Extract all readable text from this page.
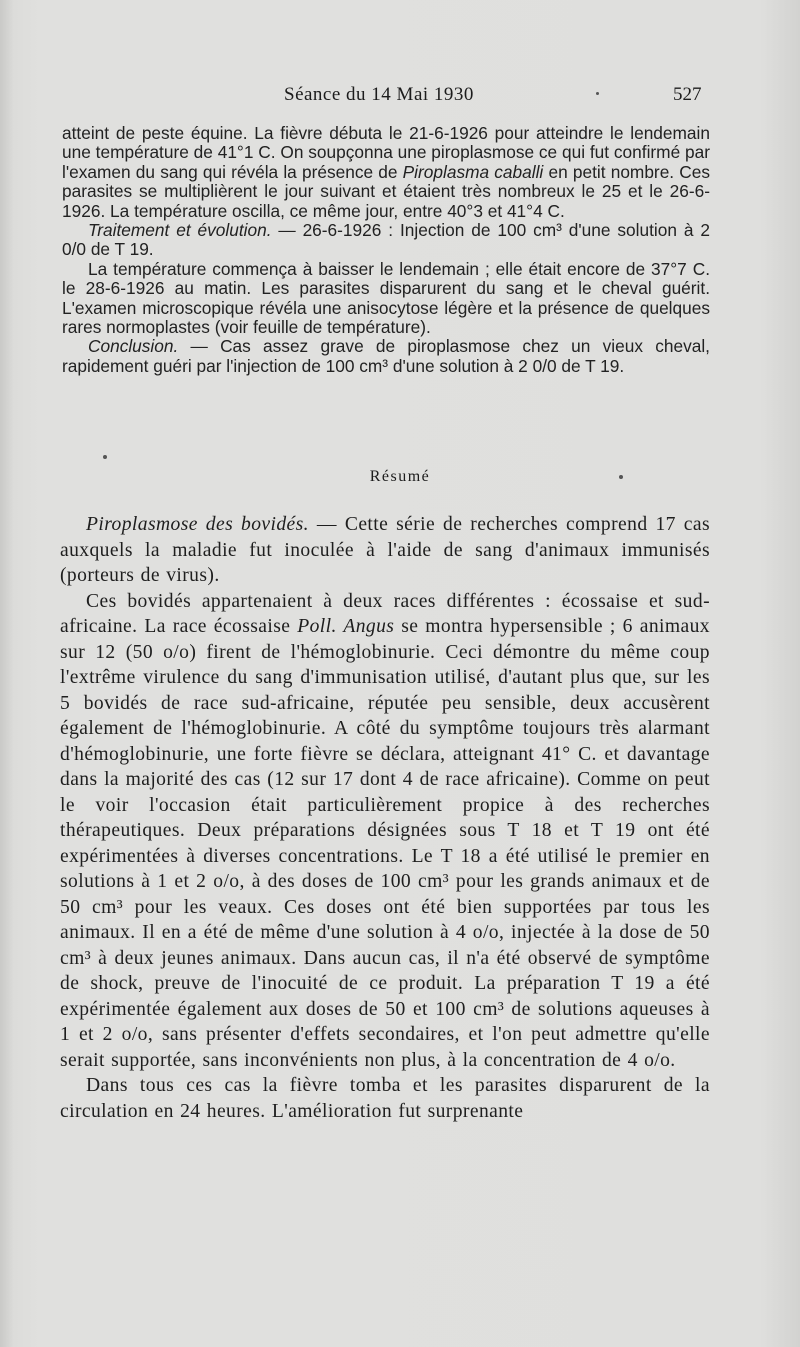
Séance du 14 Mai 1930	527

atteint de peste équine. La fièvre débuta le 21-6-1926 pour atteindre le lendemain une température de 41°1 C. On soupçonna une piroplasmose ce qui fut confirmé par l'examen du sang qui révéla la présence de Piroplasma caballi en petit nombre. Ces parasites se multiplièrent le jour suivant et étaient très nombreux le 25 et le 26-6-1926. La température oscilla, ce même jour, entre 40°3 et 41°4 C.

Traitement et évolution. — 26-6-1926 : Injection de 100 cm³ d'une solution à 2 0/0 de T 19.

La température commença à baisser le lendemain ; elle était encore de 37°7 C. le 28-6-1926 au matin. Les parasites disparurent du sang et le cheval guérit. L'examen microscopique révéla une anisocytose légère et la présence de quelques rares normoplastes (voir feuille de température).

Conclusion. — Cas assez grave de piroplasmose chez un vieux cheval, rapidement guéri par l'injection de 100 cm³ d'une solution à 2 0/0 de T 19.

Résumé

Piroplasmose des bovidés. — Cette série de recherches comprend 17 cas auxquels la maladie fut inoculée à l'aide de sang d'animaux immunisés (porteurs de virus).

Ces bovidés appartenaient à deux races différentes : écossaise et sud-africaine. La race écossaise Poll. Angus se montra hypersensible ; 6 animaux sur 12 (50 o/o) firent de l'hémoglobinurie. Ceci démontre du même coup l'extrême virulence du sang d'immunisation utilisé, d'autant plus que, sur les 5 bovidés de race sud-africaine, réputée peu sensible, deux accusèrent également de l'hémoglobinurie. A côté du symptôme toujours très alarmant d'hémoglobinurie, une forte fièvre se déclara, atteignant 41° C. et davantage dans la majorité des cas (12 sur 17 dont 4 de race africaine). Comme on peut le voir l'occasion était particulièrement propice à des recherches thérapeutiques. Deux préparations désignées sous T 18 et T 19 ont été expérimentées à diverses concentrations. Le T 18 a été utilisé le premier en solutions à 1 et 2 o/o, à des doses de 100 cm³ pour les grands animaux et de 50 cm³ pour les veaux. Ces doses ont été bien supportées par tous les animaux. Il en a été de même d'une solution à 4 o/o, injectée à la dose de 50 cm³ à deux jeunes animaux. Dans aucun cas, il n'a été observé de symptôme de shock, preuve de l'inocuité de ce produit. La préparation T 19 a été expérimentée également aux doses de 50 et 100 cm³ de solutions aqueuses à 1 et 2 o/o, sans présenter d'effets secondaires, et l'on peut admettre qu'elle serait supportée, sans inconvénients non plus, à la concentration de 4 o/o.

Dans tous ces cas la fièvre tomba et les parasites disparurent de la circulation en 24 heures. L'amélioration fut surprenante
